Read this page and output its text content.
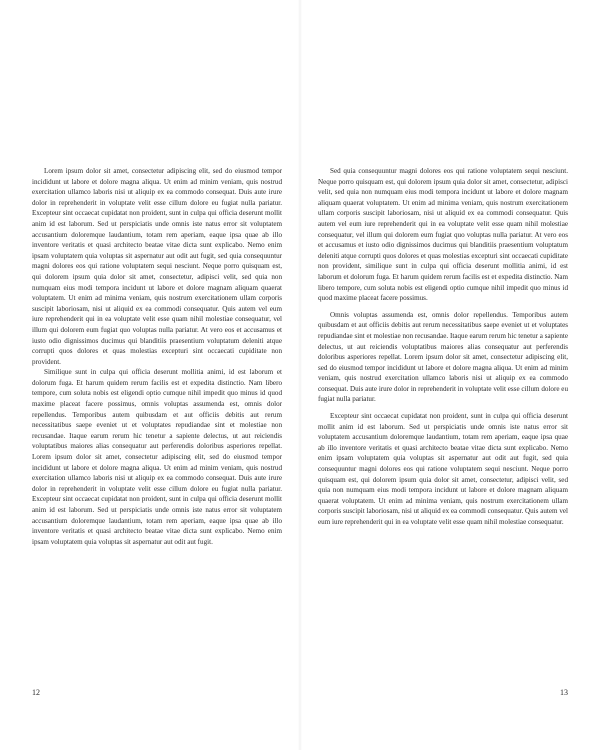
Lorem ipsum dolor sit amet, consectetur adipiscing elit, sed do eiusmod tempor incididunt ut labore et dolore magna aliqua. Ut enim ad minim veniam, quis nostrud exercitation ullamco laboris nisi ut aliquip ex ea commodo consequat. Duis aute irure dolor in reprehenderit in voluptate velit esse cillum dolore eu fugiat nulla pariatur. Excepteur sint occaecat cupidatat non proident, sunt in culpa qui officia deserunt mollit anim id est laborum. Sed ut perspiciatis unde omnis iste natus error sit voluptatem accusantium doloremque laudantium, totam rem aperiam, eaque ipsa quae ab illo inventore veritatis et quasi architecto beatae vitae dicta sunt explicabo. Nemo enim ipsam voluptatem quia voluptas sit aspernatur aut odit aut fugit, sed quia consequuntur magni dolores eos qui ratione voluptatem sequi nesciunt. Neque porro quisquam est, qui dolorem ipsum quia dolor sit amet, consectetur, adipisci velit, sed quia non numquam eius modi tempora incidunt ut labore et dolore magnam aliquam quaerat voluptatem. Ut enim ad minima veniam, quis nostrum exercitationem ullam corporis suscipit laboriosam, nisi ut aliquid ex ea commodi consequatur. Quis autem vel eum iure reprehenderit qui in ea voluptate velit esse quam nihil molestiae consequatur, vel illum qui dolorem eum fugiat quo voluptas nulla pariatur. At vero eos et accusamus et iusto odio dignissimos ducimus qui blanditiis praesentium voluptatum deleniti atque corrupti quos dolores et quas molestias excepturi sint occaecati cupiditate non provident.

Similique sunt in culpa qui officia deserunt mollitia animi, id est laborum et dolorum fuga. Et harum quidem rerum facilis est et expedita distinctio. Nam libero tempore, cum soluta nobis est eligendi optio cumque nihil impedit quo minus id quod maxime placeat facere possimus, omnis voluptas assumenda est, omnis dolor repellendus. Temporibus autem quibusdam et aut officiis debitis aut rerum necessitatibus saepe eveniet ut et voluptates repudiandae sint et molestiae non recusandae. Itaque earum rerum hic tenetur a sapiente delectus, ut aut reiciendis voluptatibus maiores alias consequatur aut perferendis doloribus asperiores repellat. Lorem ipsum dolor sit amet, consectetur adipiscing elit, sed do eiusmod tempor incididunt ut labore et dolore magna aliqua. Ut enim ad minim veniam, quis nostrud exercitation ullamco laboris nisi ut aliquip ex ea commodo consequat. Duis aute irure dolor in reprehenderit in voluptate velit esse cillum dolore eu fugiat nulla pariatur. Excepteur sint occaecat cupidatat non proident, sunt in culpa qui officia deserunt mollit anim id est laborum. Sed ut perspiciatis unde omnis iste natus error sit voluptatem accusantium doloremque laudantium, totam rem aperiam, eaque ipsa quae ab illo inventore veritatis et quasi architecto beatae vitae dicta sunt explicabo. Nemo enim ipsam voluptatem quia voluptas sit aspernatur aut odit aut fugit.

12

Sed quia consequuntur magni dolores eos qui ratione voluptatem sequi nesciunt. Neque porro quisquam est, qui dolorem ipsum quia dolor sit amet, consectetur, adipisci velit, sed quia non numquam eius modi tempora incidunt ut labore et dolore magnam aliquam quaerat voluptatem. Ut enim ad minima veniam, quis nostrum exercitationem ullam corporis suscipit laboriosam, nisi ut aliquid ex ea commodi consequatur. Quis autem vel eum iure reprehenderit qui in ea voluptate velit esse quam nihil molestiae consequatur, vel illum qui dolorem eum fugiat quo voluptas nulla pariatur. At vero eos et accusamus et iusto odio dignissimos ducimus qui blanditiis praesentium voluptatum deleniti atque corrupti quos dolores et quas molestias excepturi sint occaecati cupiditate non provident, similique sunt in culpa qui officia deserunt mollitia animi, id est laborum et dolorum fuga. Et harum quidem rerum facilis est et expedita distinctio. Nam libero tempore, cum soluta nobis est eligendi optio cumque nihil impedit quo minus id quod maxime placeat facere possimus.

Omnis voluptas assumenda est, omnis dolor repellendus. Temporibus autem quibusdam et aut officiis debitis aut rerum necessitatibus saepe eveniet ut et voluptates repudiandae sint et molestiae non recusandae. Itaque earum rerum hic tenetur a sapiente delectus, ut aut reiciendis voluptatibus maiores alias consequatur aut perferendis doloribus asperiores repellat. Lorem ipsum dolor sit amet, consectetur adipiscing elit, sed do eiusmod tempor incididunt ut labore et dolore magna aliqua. Ut enim ad minim veniam, quis nostrud exercitation ullamco laboris nisi ut aliquip ex ea commodo consequat. Duis aute irure dolor in reprehenderit in voluptate velit esse cillum dolore eu fugiat nulla pariatur.

Excepteur sint occaecat cupidatat non proident, sunt in culpa qui officia deserunt mollit anim id est laborum. Sed ut perspiciatis unde omnis iste natus error sit voluptatem accusantium doloremque laudantium, totam rem aperiam, eaque ipsa quae ab illo inventore veritatis et quasi architecto beatae vitae dicta sunt explicabo. Nemo enim ipsam voluptatem quia voluptas sit aspernatur aut odit aut fugit, sed quia consequuntur magni dolores eos qui ratione voluptatem sequi nesciunt. Neque porro quisquam est, qui dolorem ipsum quia dolor sit amet, consectetur, adipisci velit, sed quia non numquam eius modi tempora incidunt ut labore et dolore magnam aliquam quaerat voluptatem. Ut enim ad minima veniam, quis nostrum exercitationem ullam corporis suscipit laboriosam, nisi ut aliquid ex ea commodi consequatur. Quis autem vel eum iure reprehenderit qui in ea voluptate velit esse quam nihil molestiae consequatur.

13
